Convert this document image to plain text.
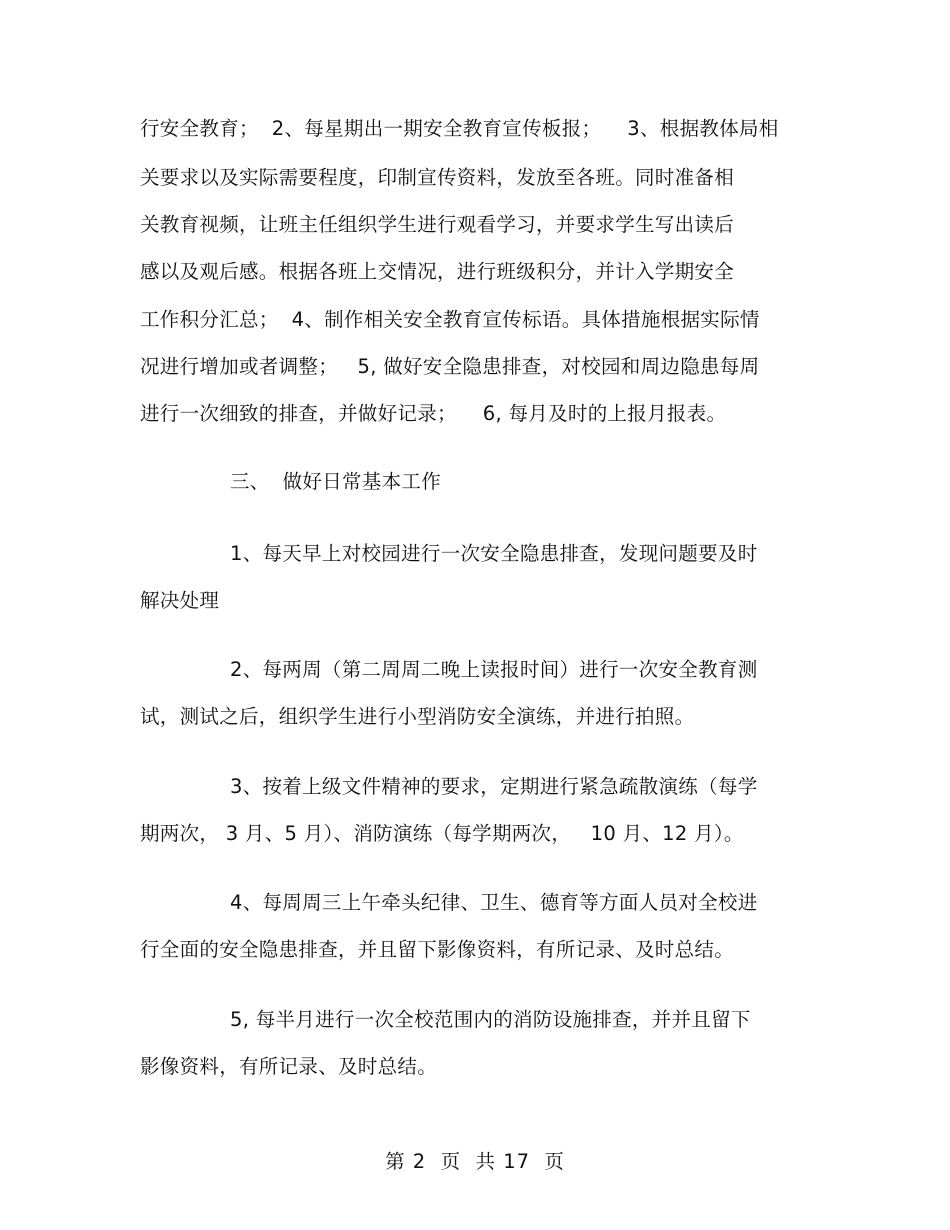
行安全教育；  2、每星期出一期安全教育宣传板报；    3、根据教体局相
关要求以及实际需要程度，印制宣传资料，发放至各班。同时准备相
关教育视频，让班主任组织学生进行观看学习，并要求学生写出读后
感以及观后感。根据各班上交情况，进行班级积分，并计入学期安全
工作积分汇总；  4、制作相关安全教育宣传标语。具体措施根据实际情
况进行增加或者调整；   5, 做好安全隐患排查，对校园和周边隐患每周
进行一次细致的排查，并做好记录；    6, 每月及时的上报月报表。
三、  做好日常基本工作
1、每天早上对校园进行一次安全隐患排查，发现问题要及时
解决处理
2、每两周（第二周周二晚上读报时间）进行一次安全教育测
试，测试之后，组织学生进行小型消防安全演练，并进行拍照。
3、按着上级文件精神的要求，定期进行紧急疏散演练（每学
期两次， 3 月、5 月）、消防演练（每学期两次，   10 月、12 月）。
4、每周周三上午牵头纪律、卫生、德育等方面人员对全校进
行全面的安全隐患排查，并且留下影像资料，有所记录、及时总结。
5, 每半月进行一次全校范围内的消防设施排查，并并且留下
影像资料，有所记录、及时总结。
第 2  页  共 17  页
